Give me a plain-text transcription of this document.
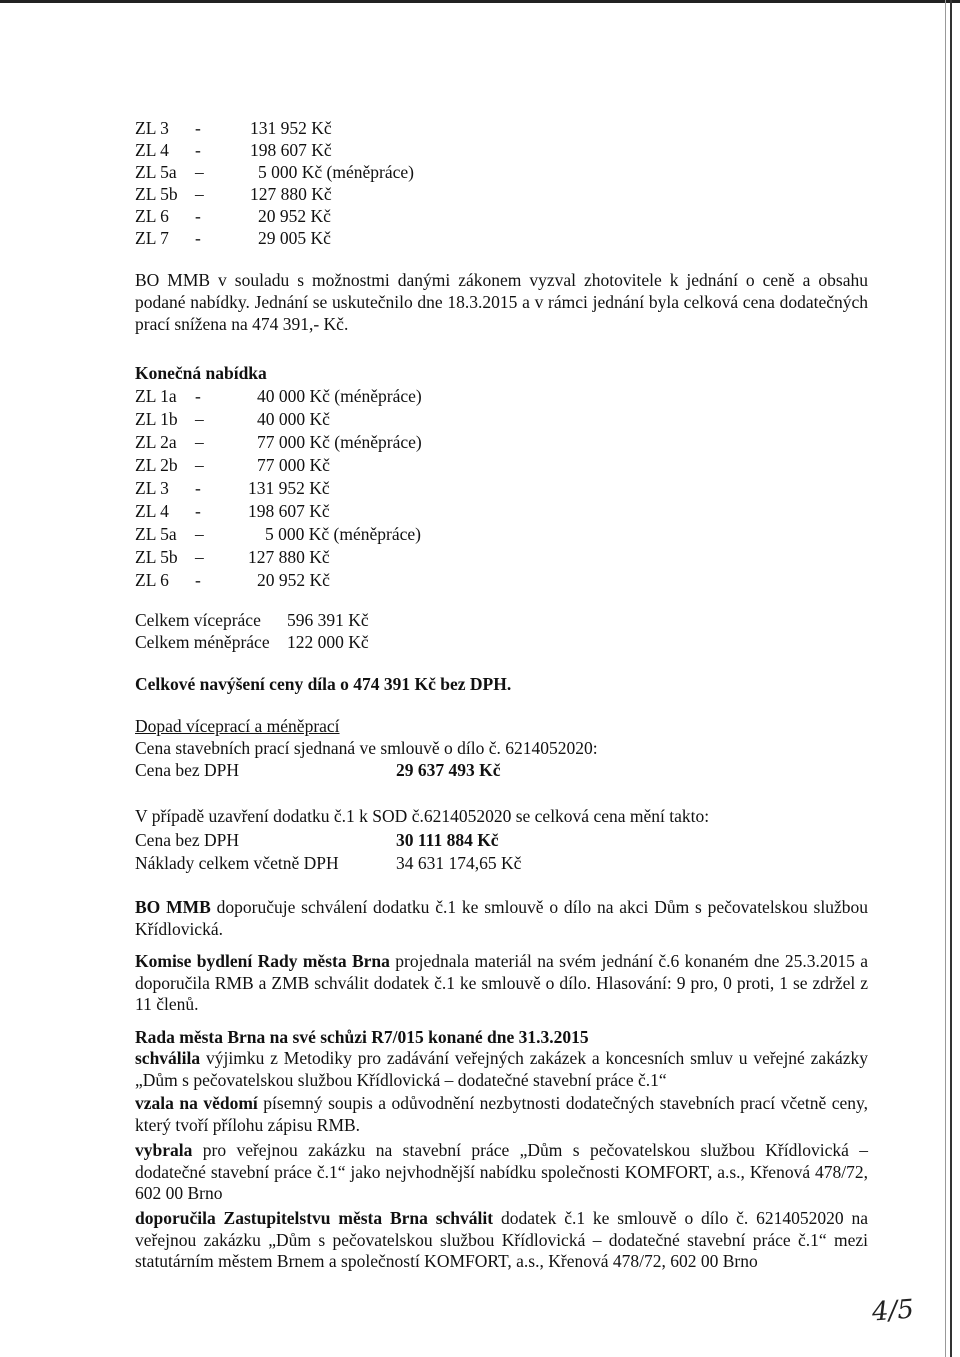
ZL 3 -	131 952 Kč
ZL 4 -	198 607 Kč
ZL 5a –	5 000 Kč (méněpráce)
ZL 5b –	127 880 Kč
ZL 6 -	20 952 Kč
ZL 7 -	29 005 Kč
BO MMB v souladu s možnostmi danými zákonem vyzval zhotovitele k jednání o ceně a obsahu podané nabídky. Jednání se uskutečnilo dne 18.3.2015 a v rámci jednání byla celková cena dodatečných prací snížena na 474 391,- Kč.
Konečná nabídka
ZL 1a -	40 000 Kč (méněpráce)
ZL 1b –	40 000 Kč
ZL 2a –	77 000 Kč (méněpráce)
ZL 2b –	77 000 Kč
ZL 3 -	131 952 Kč
ZL 4 -	198 607 Kč
ZL 5a –	5 000 Kč (méněpráce)
ZL 5b –	127 880 Kč
ZL 6 -	20 952 Kč
Celkem vícepráce 596 391 Kč
Celkem méněpráce 122 000 Kč
Celkové navýšení ceny díla o 474 391 Kč bez DPH.
Dopad víceprací a méněprací
Cena stavebních prací sjednaná ve smlouvě o dílo č. 6214052020:
Cena bez DPH	29 637 493 Kč
V případě uzavření dodatku č.1 k SOD č.6214052020 se celková cena mění takto:
Cena bez DPH	30 111 884 Kč
Náklady celkem včetně DPH	34 631 174,65 Kč
BO MMB doporučuje schválení dodatku č.1 ke smlouvě o dílo na akci Dům s pečovatelskou službou Křídlovická.
Komise bydlení Rady města Brna projednala materiál na svém jednání č.6 konaném dne 25.3.2015 a doporučila RMB a ZMB schválit dodatek č.1 ke smlouvě o dílo. Hlasování: 9 pro, 0 proti, 1 se zdržel z 11 členů.
Rada města Brna na své schůzi R7/015 konané dne 31.3.2015
schválila výjimku z Metodiky pro zadávání veřejných zakázek a koncesních smluv u veřejné zakázky „Dům s pečovatelskou službou Křídlovická – dodatečné stavební práce č.1“
vzala na vědomí písemný soupis a odůvodnění nezbytnosti dodatečných stavebních prací včetně ceny, který tvoří přílohu zápisu RMB.
vybrala pro veřejnou zakázku na stavební práce „Dům s pečovatelskou službou Křídlovická – dodatečné stavební práce č.1“ jako nejvhodnější nabídku společnosti KOMFORT, a.s., Křenová 478/72, 602 00 Brno
doporučila Zastupitelstvu města Brna schválit dodatek č.1 ke smlouvě o dílo č. 6214052020 na veřejnou zakázku „Dům s pečovatelskou službou Křídlovická – dodatečné stavební práce č.1“ mezi statutárním městem Brnem a společností KOMFORT, a.s., Křenová 478/72, 602 00 Brno
4/5
